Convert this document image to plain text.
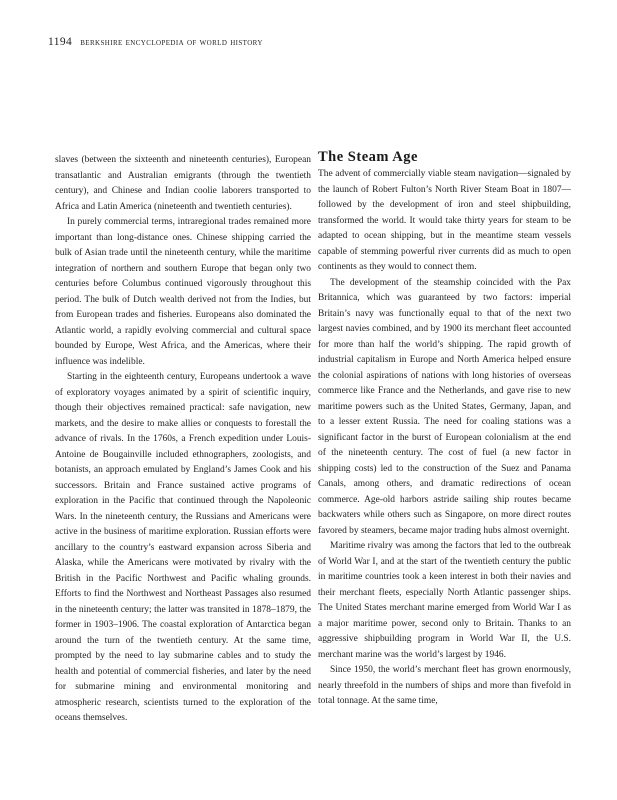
1194 berkshire encyclopedia of world history

slaves (between the sixteenth and nineteenth centuries), European transatlantic and Australian emigrants (through the twentieth century), and Chinese and Indian coolie laborers transported to Africa and Latin America (nineteenth and twentieth centuries).

In purely commercial terms, intraregional trades remained more important than long-distance ones. Chinese shipping carried the bulk of Asian trade until the nineteenth century, while the maritime integration of northern and southern Europe that began only two centuries before Columbus continued vigorously throughout this period. The bulk of Dutch wealth derived not from the Indies, but from European trades and fisheries. Europeans also dominated the Atlantic world, a rapidly evolving commercial and cultural space bounded by Europe, West Africa, and the Americas, where their influence was indelible.

Starting in the eighteenth century, Europeans undertook a wave of exploratory voyages animated by a spirit of scientific inquiry, though their objectives remained practical: safe navigation, new markets, and the desire to make allies or conquests to forestall the advance of rivals. In the 1760s, a French expedition under Louis-Antoine de Bougainville included ethnographers, zoologists, and botanists, an approach emulated by England’s James Cook and his successors. Britain and France sustained active programs of exploration in the Pacific that continued through the Napoleonic Wars. In the nineteenth century, the Russians and Americans were active in the business of maritime exploration. Russian efforts were ancillary to the country’s eastward expansion across Siberia and Alaska, while the Americans were motivated by rivalry with the British in the Pacific Northwest and Pacific whaling grounds. Efforts to find the Northwest and Northeast Passages also resumed in the nineteenth century; the latter was transited in 1878–1879, the former in 1903–1906. The coastal exploration of Antarctica began around the turn of the twentieth century. At the same time, prompted by the need to lay submarine cables and to study the health and potential of commercial fisheries, and later by the need for submarine mining and environmental monitoring and atmospheric research, scientists turned to the exploration of the oceans themselves.

The Steam Age

The advent of commercially viable steam navigation—signaled by the launch of Robert Fulton’s North River Steam Boat in 1807—followed by the development of iron and steel shipbuilding, transformed the world. It would take thirty years for steam to be adapted to ocean shipping, but in the meantime steam vessels capable of stemming powerful river currents did as much to open continents as they would to connect them.

The development of the steamship coincided with the Pax Britannica, which was guaranteed by two factors: imperial Britain’s navy was functionally equal to that of the next two largest navies combined, and by 1900 its merchant fleet accounted for more than half the world’s shipping. The rapid growth of industrial capitalism in Europe and North America helped ensure the colonial aspirations of nations with long histories of overseas commerce like France and the Netherlands, and gave rise to new maritime powers such as the United States, Germany, Japan, and to a lesser extent Russia. The need for coaling stations was a significant factor in the burst of European colonialism at the end of the nineteenth century. The cost of fuel (a new factor in shipping costs) led to the construction of the Suez and Panama Canals, among others, and dramatic redirections of ocean commerce. Age-old harbors astride sailing ship routes became backwaters while others such as Singapore, on more direct routes favored by steamers, became major trading hubs almost overnight.

Maritime rivalry was among the factors that led to the outbreak of World War I, and at the start of the twentieth century the public in maritime countries took a keen interest in both their navies and their merchant fleets, especially North Atlantic passenger ships. The United States merchant marine emerged from World War I as a major maritime power, second only to Britain. Thanks to an aggressive shipbuilding program in World War II, the U.S. merchant marine was the world’s largest by 1946.

Since 1950, the world’s merchant fleet has grown enormously, nearly threefold in the numbers of ships and more than fivefold in total tonnage. At the same time,
